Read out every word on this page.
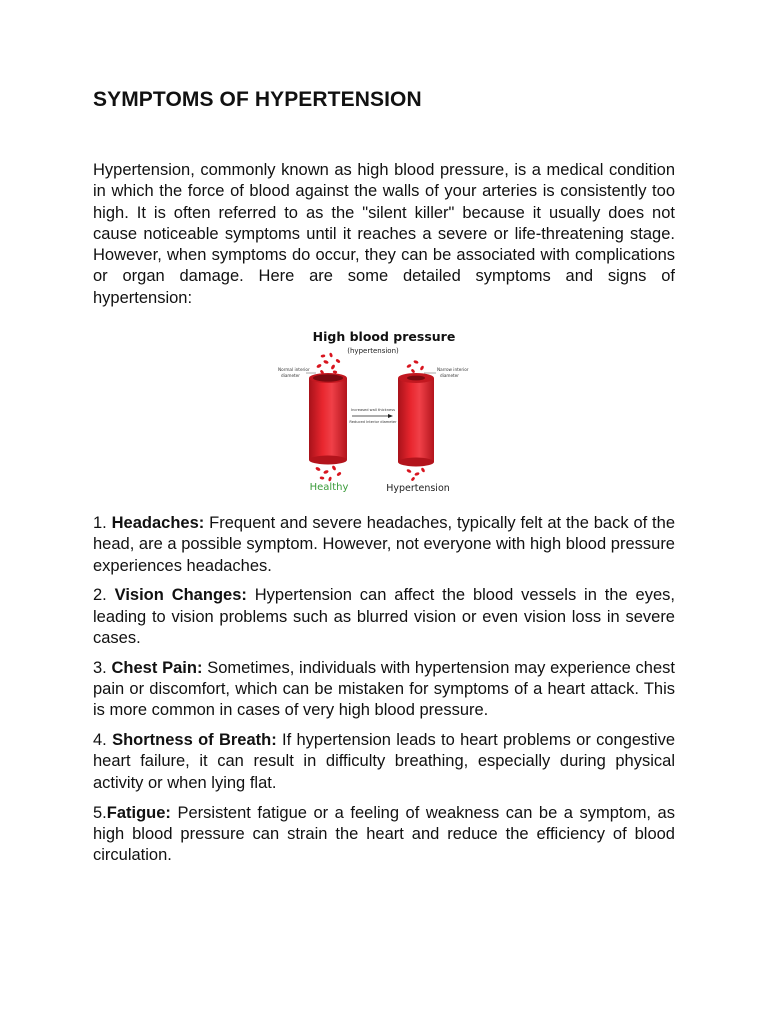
SYMPTOMS OF HYPERTENSION

Hypertension, commonly known as high blood pressure, is a medical condition in which the force of blood against the walls of your arteries is consistently too high. It is often referred to as the "silent killer" because it usually does not cause noticeable symptoms until it reaches a severe or life-threatening stage. However, when symptoms do occur, they can be associated with complications or organ damage. Here are some detailed symptoms and signs of hypertension:

High blood pressure
(hypertension)
Normal interior
diameter
Narrow interior
diameter
Increased wall thickness
Reduced lnterior diameter
Healthy	Hypertension

1. Headaches: Frequent and severe headaches, typically felt at the back of the head, are a possible symptom. However, not everyone with high blood pressure experiences headaches.

2. Vision Changes: Hypertension can affect the blood vessels in the eyes, leading to vision problems such as blurred vision or even vision loss in severe cases.

3. Chest Pain: Sometimes, individuals with hypertension may experience chest pain or discomfort, which can be mistaken for symptoms of a heart attack. This is more common in cases of very high blood pressure.

4. Shortness of Breath: If hypertension leads to heart problems or congestive heart failure, it can result in difficulty breathing, especially during physical activity or when lying flat.

5.Fatigue: Persistent fatigue or a feeling of weakness can be a symptom, as high blood pressure can strain the heart and reduce the efficiency of blood circulation.
